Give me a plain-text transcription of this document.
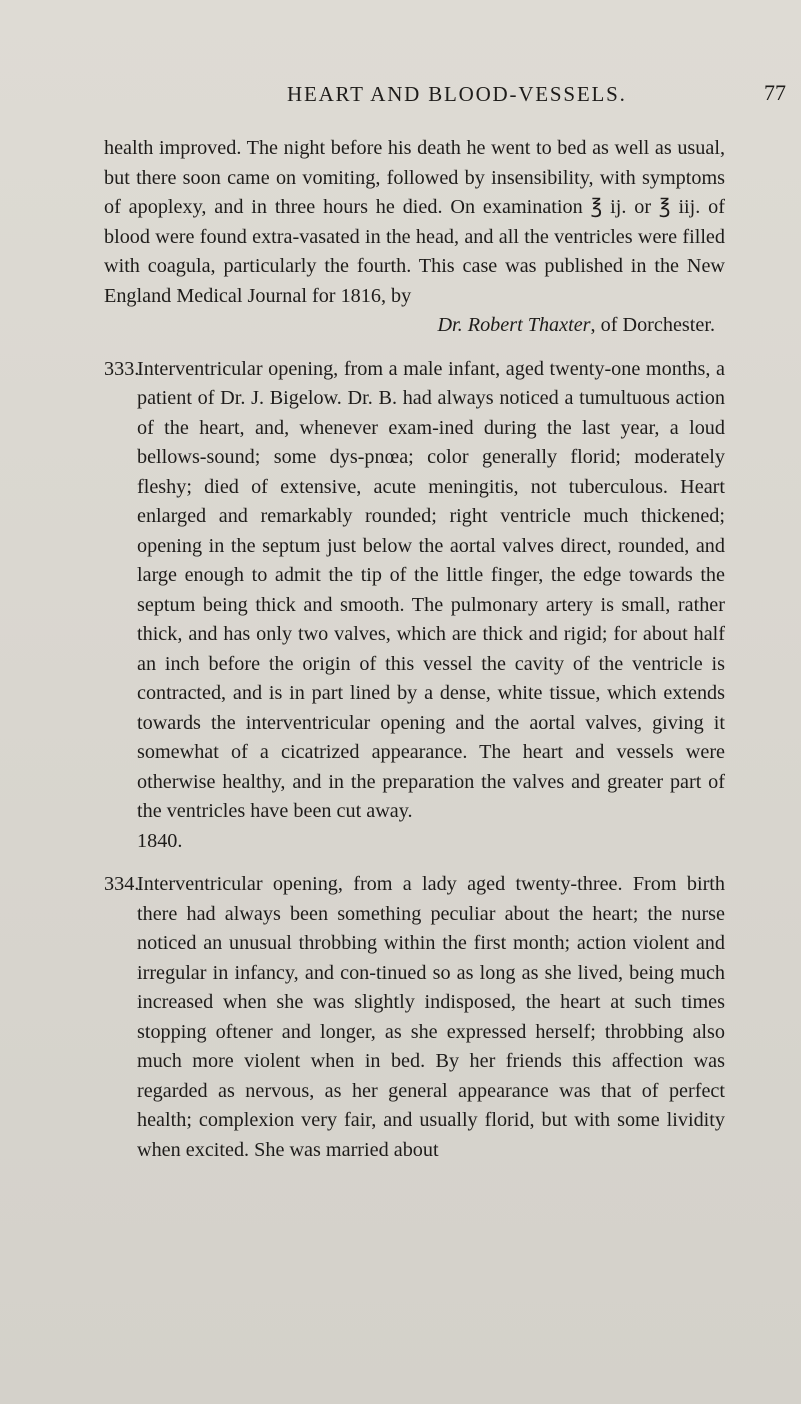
HEART AND BLOOD-VESSELS.	77

health improved. The night before his death he went to bed as well as usual, but there soon came on vomiting, followed by insensibility, with symptoms of apoplexy, and in three hours he died. On examination ℥ ij. or ℥ iij. of blood were found extra-vasated in the head, and all the ventricles were filled with coagula, particularly the fourth. This case was published in the New England Medical Journal for 1816, by

Dr. Robert Thaxter, of Dorchester.

333.Interventricular opening, from a male infant, aged twenty-one months, a patient of Dr. J. Bigelow. Dr. B. had always noticed a tumultuous action of the heart, and, whenever exam-ined during the last year, a loud bellows-sound; some dys-pnœa; color generally florid; moderately fleshy; died of extensive, acute meningitis, not tuberculous. Heart enlarged and remarkably rounded; right ventricle much thickened; opening in the septum just below the aortal valves direct, rounded, and large enough to admit the tip of the little finger, the edge towards the septum being thick and smooth. The pulmonary artery is small, rather thick, and has only two valves, which are thick and rigid; for about half an inch before the origin of this vessel the cavity of the ventricle is contracted, and is in part lined by a dense, white tissue, which extends towards the interventricular opening and the aortal valves, giving it somewhat of a cicatrized appearance. The heart and vessels were otherwise healthy, and in the preparation the valves and greater part of the ventricles have been cut away.
1840.
334.Interventricular opening, from a lady aged twenty-three. From birth there had always been something peculiar about the heart; the nurse noticed an unusual throbbing within the first month; action violent and irregular in infancy, and con-tinued so as long as she lived, being much increased when she was slightly indisposed, the heart at such times stopping oftener and longer, as she expressed herself; throbbing also much more violent when in bed. By her friends this affection was regarded as nervous, as her general appearance was that of perfect health; complexion very fair, and usually florid, but with some lividity when excited. She was married about
